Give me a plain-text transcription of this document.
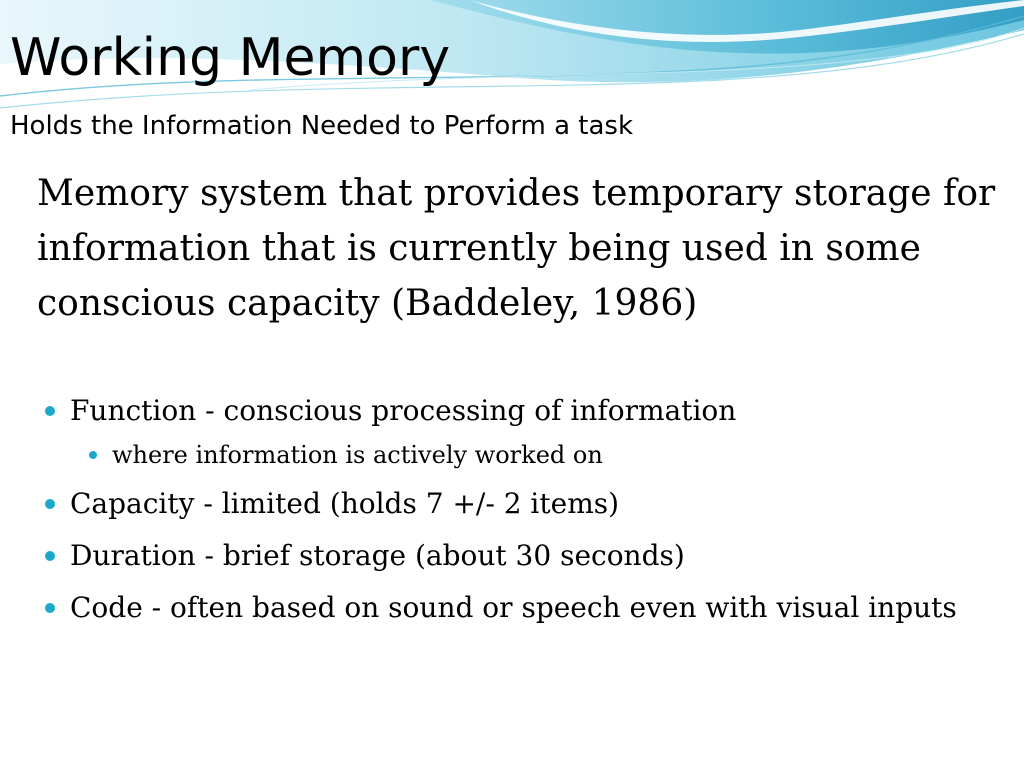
Working Memory

Holds the Information Needed to Perform a task

Memory system that provides temporary storage for information that is currently being used in some conscious capacity (Baddeley, 1986)

Function - conscious processing of information
where information is actively worked on
Capacity - limited (holds 7 +/- 2 items)
Duration - brief storage (about 30 seconds)
Code - often based on sound or speech even with visual inputs
